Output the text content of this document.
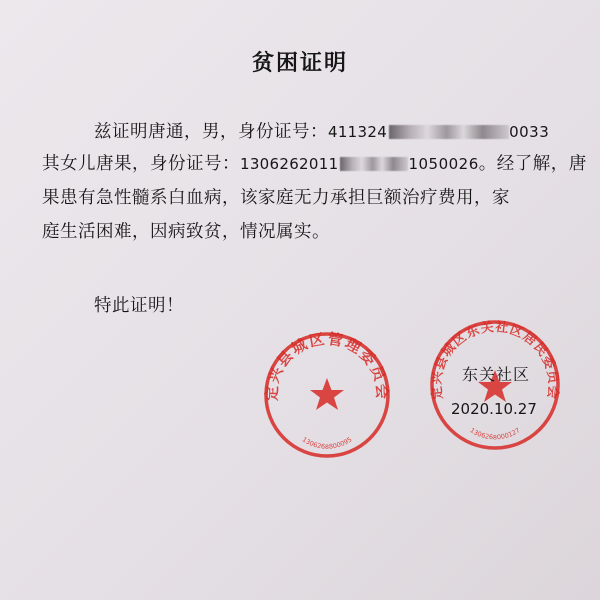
贫困证明
兹证明唐通，男，身份证号：411324	0033
其女儿唐果，身份证号：1306262011	1050026。经了解，唐
果患有急性髓系白血病，该家庭无力承担巨额治疗费用，家
庭生活困难，因病致贫，情况属实。
特此证明！
定兴县城区管理委员会
1306268800095
定兴县城区东关社区居民委员会
1306268000127
东关社区
2020.10.27
